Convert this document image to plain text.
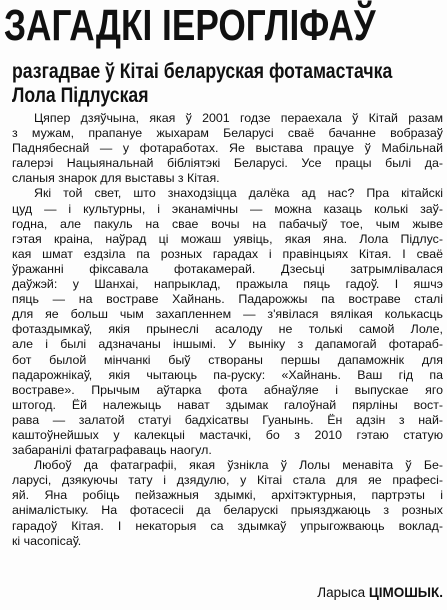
ЗАГАДКІ ІЕРОГЛІФАЎ
разгадвае ў Кітаі беларуская фотамастачка
Лола Підлуская
Цяпер дзяўчына, якая ў 2001 годзе пераехала ў Кітай разам
з мужам, прапануе жыхарам Беларусі сваё бачанне вобразаў
Паднябеснай — у фотаработах. Яе выстава працуе ў Мабільнай
галерэі Нацыянальнай бібліятэкі Беларусі. Усе працы былі да-
сланыя знарок для выставы з Кітая.
Які той свет, што знаходзіцца далёка ад нас? Пра кітайскі
цуд — і культурны, і эканамічны — можна казаць колькі заў-
годна, але пакуль на свае вочы на пабачыў тое, чым жыве
гэтая краіна, наўрад ці можаш уявіць, якая яна. Лола Підлус-
кая шмат ездзіла па розных гарадах і правінцыях Кітая. І сваё
ўражанні фіксавала фотакамерай. Дзесьці затрымлівалася
даўжэй: у Шанхаі, напрыклад, пражыла пяць гадоў. І яшчэ
пяць — на востраве Хайнань. Падарожжы па востраве сталі
для яе больш чым захапленнем — з'явілася вялікая колькасць
фотаздымкаў, якія прынеслі асалоду не толькі самой Лоле,
але і былі адзначаны іншымі. У выніку з дапамогай фотараб-
бот былой мінчанкі быў створаны першы дапаможнік для
падарожнікаў, якія чытаюць па-руску: «Хайнань. Ваш гід па
востраве». Прычым аўтарка фота абнаўляе і выпускае яго
штогод. Ёй належыць нават здымак галоўнай пярліны вост-
рава — залатой статуі бадхісатвы Гуанынь. Ён адзін з най-
каштоўнейшых у калекцыі мастачкі, бо з 2010 гэтаю статую
забаранілі фатаграфаваць наогул.
Любоў да фатаграфіі, якая ўзнікла ў Лолы менавіта ў Бе-
ларусі, дзякуючы тату і дзядулю, у Кітаі стала для яе прафесі-
яй. Яна робіць пейзажныя здымкі, архітэктурныя, партрэты і
анімалістыку. На фотасесіі да беларускі прыязджаюць з розных
гарадоў Кітая. І некаторыя са здымкаў упрыгожваюць воклад-
кі часопісаў.
Ларыса ЦІМОШЫК.
